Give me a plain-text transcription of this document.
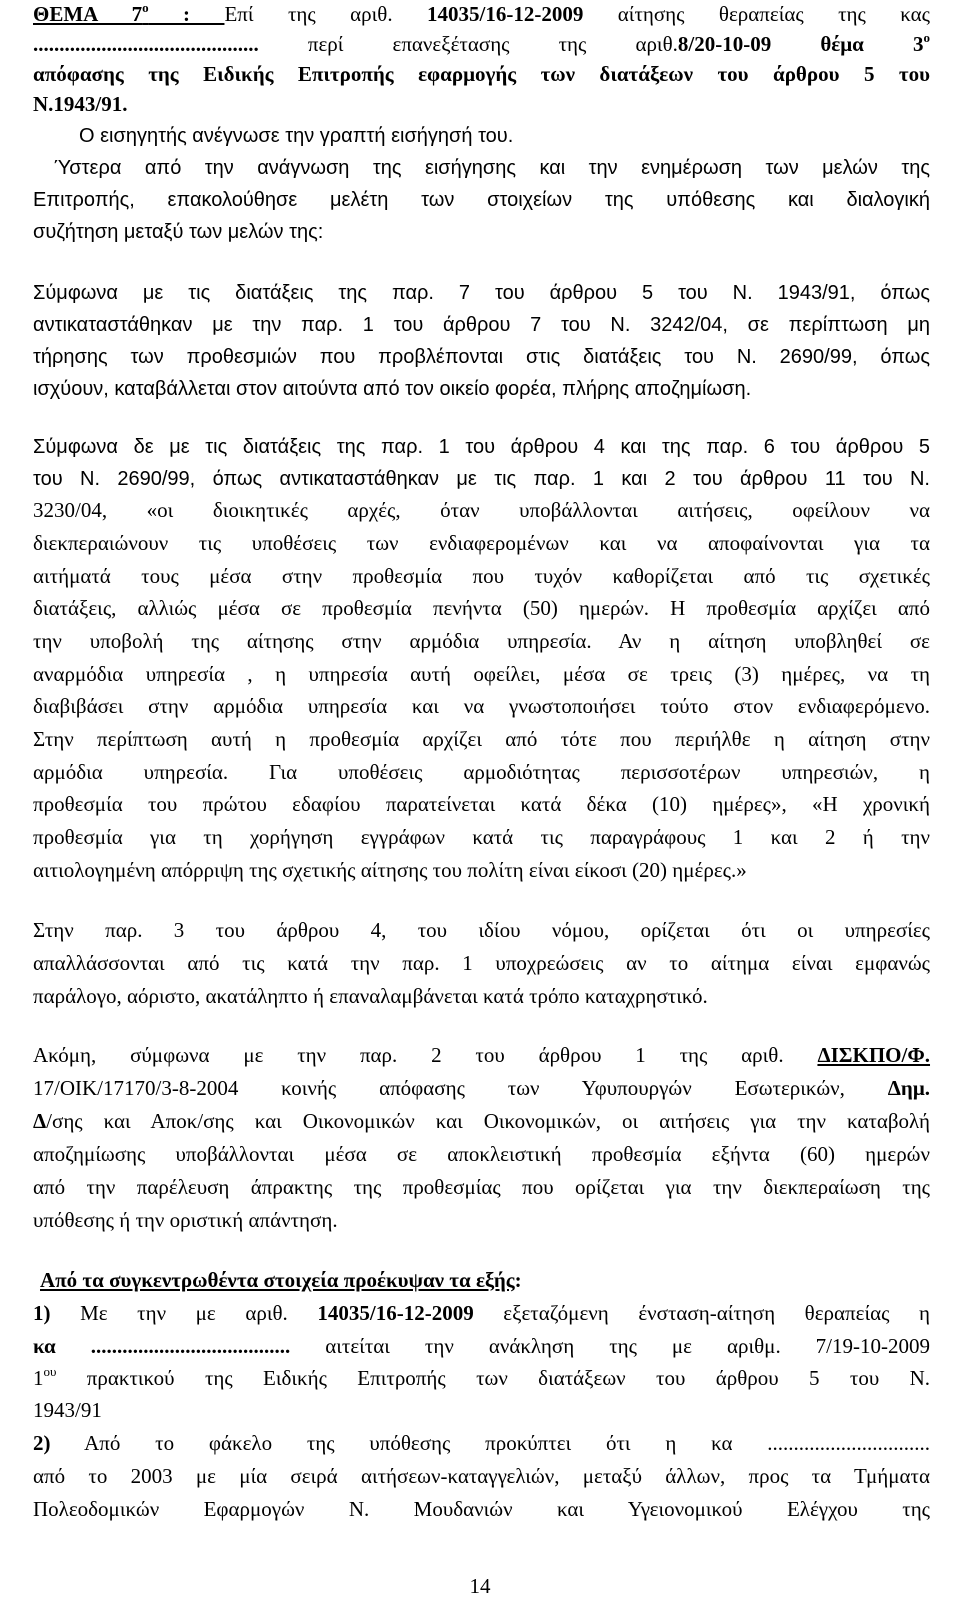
ΘΕΜΑ $7^o$ : Επί της αριθ. 14035/16-12-2009 αίτησης θεραπείας της κας
........................................... περί επανεξέτασης της αριθ.8/20-10-09 θέμα $3^o$
απόφασης της Ειδικής Επιτροπής εφαρμογής των διατάξεων του άρθρου 5 του
Ν.1943/91.
Ο εισηγητής ανέγνωσε την γραπτή εισήγησή του.
Ύστερα από την ανάγνωση της εισήγησης και την ενημέρωση των μελών της
Επιτροπής, επακολούθησε μελέτη των στοιχείων της υπόθεσης και διαλογική
συζήτηση μεταξύ των μελών της:
Σύμφωνα με τις διατάξεις της παρ. 7 του άρθρου 5 του Ν. 1943/91, όπως
αντικαταστάθηκαν με την παρ. 1 του άρθρου 7 του Ν. 3242/04, σε περίπτωση μη
τήρησης των προθεσμιών που προβλέπονται στις διατάξεις του Ν. 2690/99, όπως
ισχύουν, καταβάλλεται στον αιτούντα από τον οικείο φορέα, πλήρης αποζημίωση.
Σύμφωνα δε με τις διατάξεις της παρ. 1 του άρθρου 4 και της παρ. 6 του άρθρου 5
του Ν. 2690/99, όπως αντικαταστάθηκαν με τις παρ. 1 και 2 του άρθρου 11 του Ν.
3230/04, «οι διοικητικές αρχές, όταν υποβάλλονται αιτήσεις, οφείλουν να
διεκπεραιώνουν τις υποθέσεις των ενδιαφερομένων και να αποφαίνονται για τα
αιτήματά τους μέσα στην προθεσμία που τυχόν καθορίζεται από τις σχετικές
διατάξεις, αλλιώς μέσα σε προθεσμία πενήντα (50) ημερών. Η προθεσμία αρχίζει από
την υποβολή της αίτησης στην αρμόδια υπηρεσία. Αν η αίτηση υποβληθεί σε
αναρμόδια υπηρεσία , η υπηρεσία αυτή οφείλει, μέσα σε τρεις (3) ημέρες, να τη
διαβιβάσει στην αρμόδια υπηρεσία και να γνωστοποιήσει τούτο στον ενδιαφερόμενο.
Στην περίπτωση αυτή η προθεσμία αρχίζει από τότε που περιήλθε η αίτηση στην
αρμόδια υπηρεσία. Για υποθέσεις αρμοδιότητας περισσοτέρων υπηρεσιών, η
προθεσμία του πρώτου εδαφίου παρατείνεται κατά δέκα (10) ημέρες», «Η χρονική
προθεσμία για τη χορήγηση εγγράφων κατά τις παραγράφους 1 και 2 ή την
αιτιολογημένη απόρριψη της σχετικής αίτησης του πολίτη είναι είκοσι (20) ημέρες.»
Στην παρ. 3 του άρθρου 4, του ιδίου νόμου, ορίζεται ότι οι υπηρεσίες
απαλλάσσονται από τις κατά την παρ. 1 υποχρεώσεις αν το αίτημα είναι εμφανώς
παράλογο, αόριστο, ακατάληπτο ή επαναλαμβάνεται κατά τρόπο καταχρηστικό.
Ακόμη, σύμφωνα με την παρ. 2 του άρθρου 1 της αριθ. ΔΙΣΚΠΟ/Φ.
17/ΟΙΚ/17170/3-8-2004 κοινής απόφασης των Υφυπουργών Εσωτερικών, Δημ.
Δ/σης και Αποκ/σης και Οικονομικών και Οικονομικών, οι αιτήσεις για την καταβολή
αποζημίωσης υποβάλλονται μέσα σε αποκλειστική προθεσμία εξήντα (60) ημερών
από την παρέλευση άπρακτης της προθεσμίας που ορίζεται για την διεκπεραίωση της
υπόθεσης ή την οριστική απάντηση.
Από τα συγκεντρωθέντα στοιχεία προέκυψαν τα εξής:
1) Με την με αριθ. 14035/16-12-2009 εξεταζόμενη ένσταση-αίτηση θεραπείας η
κα ...................................... αιτείται την ανάκληση της με αριθμ. 7/19-10-2009
$1^{o\upsilon}$ πρακτικού της Ειδικής Επιτροπής των διατάξεων του άρθρου 5 του Ν.
1943/91
2) Από το φάκελο της υπόθεσης προκύπτει ότι η κα ...............................
από το 2003 με μία σειρά αιτήσεων-καταγγελιών, μεταξύ άλλων, προς τα Τμήματα
Πολεοδομικών Εφαρμογών Ν. Μουδανιών και Υγειονομικού Ελέγχου της
14
